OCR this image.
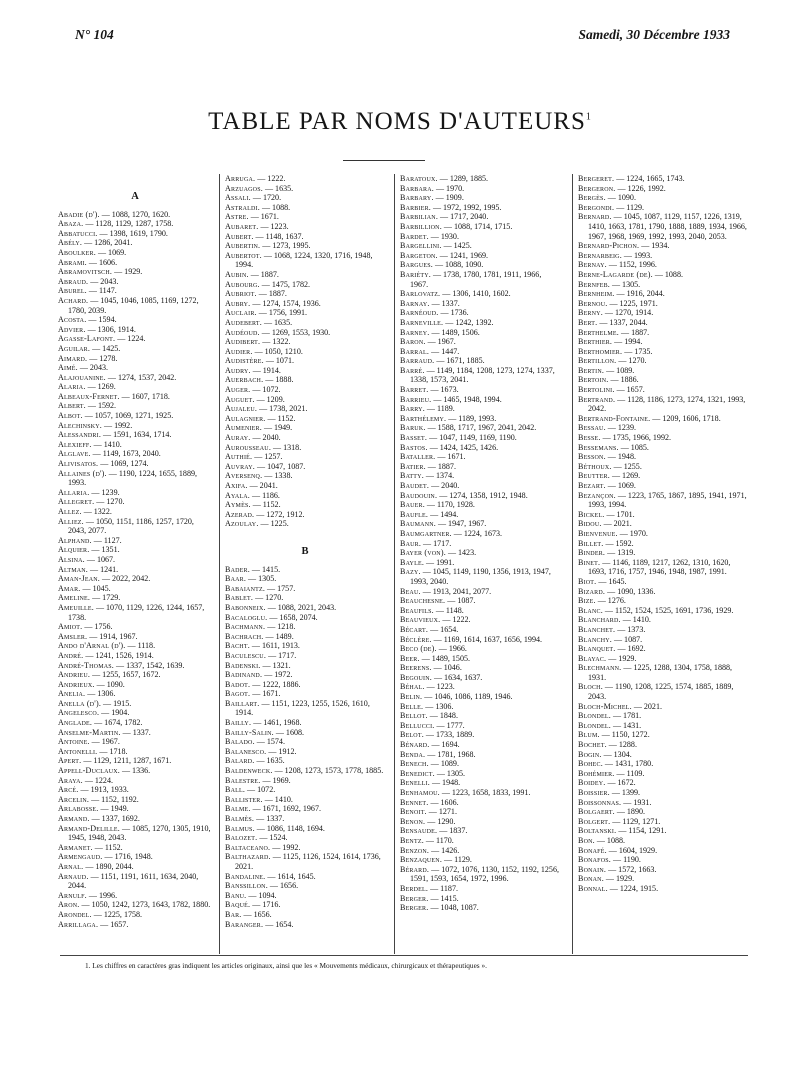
N° 104	Samedi, 30 Décembre 1933
TABLE PAR NOMS D'AUTEURS$^1$
A
Abadie (d'). — 1088, 1270, 1620.
Abaza. — 1128, 1129, 1287, 1758.
Abbatucci. — 1398, 1619, 1790.
Abély. — 1286, 2041.
Aboulker. — 1069.
Abrami. — 1606.
Abramovitsch. — 1929.
Abraud. — 2043.
Aburel. — 1147.
Achard. — 1045, 1046, 1085, 1169, 1272, 1780, 2039.
Acosta. — 1594.
Advier. — 1306, 1914.
Agasse-Lafont. — 1224.
Aguilar. — 1425.
Aimard. — 1278.
Aimé. — 2043.
Alajouanine. — 1274, 1537, 2042.
Alaria. — 1269.
Albeaux-Fernet. — 1607, 1718.
Albert. — 1592.
Albot. — 1057, 1069, 1271, 1925.
Alechinsky. — 1992.
Alessandri. — 1591, 1634, 1714.
Alexieff. — 1410.
Alglave. — 1149, 1673, 2040.
Alivisatos. — 1069, 1274.
Allaines (d'). — 1190, 1224, 1655, 1889, 1993.
Allaria. — 1239.
Allegret. — 1270.
Allez. — 1322.
Alliez. — 1050, 1151, 1186, 1257, 1720, 2043, 2077.
Alphand. — 1127.
Alquier. — 1351.
Alsina. — 1067.
Altman. — 1241.
Aman-Jean. — 2022, 2042.
Amar. — 1045.
Ameline. — 1729.
Ameuille. — 1070, 1129, 1226, 1244, 1657, 1738.
Amiot. — 1756.
Amsler. — 1914, 1967.
Ando d'Arnal (d'). — 1118.
André. — 1241, 1526, 1914.
André-Thomas. — 1337, 1542, 1639.
Andrieu. — 1255, 1657, 1672.
Andrieux. — 1090.
Anelia. — 1306.
Anella (d'). — 1915.
Angelesco. — 1904.
Anglade. — 1674, 1782.
Anselme-Martin. — 1337.
Antoine. — 1967.
Antonelli. — 1718.
Apert. — 1129, 1211, 1287, 1671.
Appell-Duclaux. — 1336.
Araya. — 1224.
Arcé. — 1913, 1933.
Arcelin. — 1152, 1192.
Arlabosse. — 1949.
Armand. — 1337, 1692.
Armand-Delille. — 1085, 1270, 1305, 1910, 1945, 1948, 2043.
Armanet. — 1152.
Armengaud. — 1716, 1948.
Arnal. — 1890, 2044.
Arnaud. — 1151, 1191, 1611, 1634, 2040, 2044.
Arnulf. — 1996.
Aron. — 1050, 1242, 1273, 1643, 1782, 1880.
Arondel. — 1225, 1758.
Arrillaga. — 1657.
Arruga. — 1222.
Arzuagos. — 1635.
Assali. — 1720.
Astraldi. — 1088.
Astre. — 1671.
Aubaret. — 1223.
Aubert. — 1148, 1637.
Aubertin. — 1273, 1995.
Aubertot. — 1068, 1224, 1320, 1716, 1948, 1994.
Aubin. — 1887.
Aubourg. — 1475, 1782.
Aubriot. — 1887.
Aubry. — 1274, 1574, 1936.
Auclair. — 1756, 1991.
Audebert. — 1635.
Audéoud. — 1269, 1553, 1930.
Audibert. — 1322.
Audier. — 1050, 1210.
Audistère. — 1071.
Audry. — 1914.
Auerbach. — 1888.
Auger. — 1072.
Auguet. — 1209.
Aujaleu. — 1738, 2021.
Aulagnier. — 1152.
Aumenier. — 1949.
Auray. — 2040.
Aurousseau. — 1318.
Authié. — 1257.
Auvray. — 1047, 1087.
Aversenq. — 1338.
Axifa. — 2041.
Ayala. — 1186.
Aymès. — 1152.
Azerad. — 1272, 1912.
Azoulay. — 1225.
B
Bader. — 1415.
Baar. — 1305.
Babaiantz. — 1757.
Bablet. — 1270.
Babonneix. — 1088, 2021, 2043.
Bacaloglu. — 1658, 2074.
Bachmann. — 1218.
Bachrach. — 1489.
Bacht. — 1611, 1913.
Baculescu. — 1717.
Badenski. — 1321.
Badinand. — 1972.
Badot. — 1222, 1886.
Bagot. — 1671.
Baillart. — 1151, 1223, 1255, 1526, 1610, 1914.
Bailly. — 1461, 1968.
Bailly-Salin. — 1608.
Balado. — 1574.
Balanesco. — 1912.
Balard. — 1635.
Baldenweck. — 1208, 1273, 1573, 1778, 1885.
Balestre. — 1969.
Ball. — 1072.
Ballister. — 1410.
Balme. — 1671, 1692, 1967.
Balmès. — 1337.
Balmus. — 1086, 1148, 1694.
Balozet. — 1524.
Baltaceano. — 1992.
Balthazard. — 1125, 1126, 1524, 1614, 1736, 2021.
Bandaline. — 1614, 1645.
Banssillon. — 1656.
Banu. — 1094.
Baqué. — 1716.
Bar. — 1656.
Baranger. — 1654.
Baratoux. — 1289, 1885.
Barbara. — 1970.
Barbary. — 1909.
Barbier. — 1972, 1992, 1995.
Barbilian. — 1717, 2040.
Barbillion. — 1088, 1714, 1715.
Bardet. — 1930.
Bargellini. — 1425.
Bargeton. — 1241, 1969.
Bargues. — 1088, 1090.
Bariéty. — 1738, 1780, 1781, 1911, 1966, 1967.
Barlovatz. — 1306, 1410, 1602.
Barnay. — 1337.
Barnéoud. — 1736.
Barneville. — 1242, 1392.
Barney. — 1489, 1506.
Baron. — 1967.
Barral. — 1447.
Barraud. — 1671, 1885.
Barré. — 1149, 1184, 1208, 1273, 1274, 1337, 1338, 1573, 2041.
Barret. — 1673.
Barrieu. — 1465, 1948, 1994.
Barry. — 1189.
Barthélemy. — 1189, 1993.
Baruk. — 1588, 1717, 1967, 2041, 2042.
Basset. — 1047, 1149, 1169, 1190.
Bastos. — 1424, 1425, 1426.
Bataller. — 1671.
Batier. — 1887.
Batty. — 1374.
Baudet. — 2040.
Baudouin. — 1274, 1358, 1912, 1948.
Bauer. — 1170, 1928.
Baufle. — 1494.
Baumann. — 1947, 1967.
Baumgartner. — 1224, 1673.
Baur. — 1717.
Bayer (von). — 1423.
Bayle. — 1991.
Bazy. — 1045, 1149, 1190, 1356, 1913, 1947, 1993, 2040.
Beau. — 1913, 2041, 2077.
Beauchesne. — 1087.
Beaufils. — 1148.
Beauvieux. — 1222.
Bécart. — 1654.
Béclère. — 1169, 1614, 1637, 1656, 1994.
Beco (de). — 1966.
Beer. — 1489, 1505.
Beerens. — 1046.
Begouin. — 1634, 1637.
Béhal. — 1223.
Belin. — 1046, 1086, 1189, 1946.
Belle. — 1306.
Bellot. — 1848.
Bellucci. — 1777.
Belot. — 1733, 1889.
Bénard. — 1694.
Benda. — 1781, 1968.
Benech. — 1089.
Benedict. — 1305.
Benelli. — 1948.
Benhamou. — 1223, 1658, 1833, 1991.
Bennet. — 1606.
Benoit. — 1271.
Benon. — 1290.
Bensaude. — 1837.
Bentz. — 1170.
Benzon. — 1426.
Benzaquen. — 1129.
Bérard. — 1072, 1076, 1130, 1152, 1192, 1256, 1591, 1593, 1654, 1972, 1996.
Berdel. — 1187.
Berger. — 1415.
Berger. — 1048, 1087.
Bergeret. — 1224, 1665, 1743.
Bergeron. — 1226, 1992.
Bergès. — 1090.
Bergondi. — 1129.
Bernard. — 1045, 1087, 1129, 1157, 1226, 1319, 1410, 1663, 1781, 1790, 1888, 1889, 1934, 1966, 1967, 1968, 1969, 1992, 1993, 2040, 2053.
Bernard-Pichon. — 1934.
Bernarbeig. — 1993.
Bernay. — 1152, 1996.
Berne-Lagarde (de). — 1088.
Bernfeb. — 1305.
Bernheim. — 1916, 2044.
Bernou. — 1225, 1971.
Berny. — 1270, 1914.
Bert. — 1337, 2044.
Berthelme. — 1887.
Berthier. — 1994.
Berthomier. — 1735.
Bertillon. — 1270.
Bertin. — 1089.
Bertoin. — 1886.
Bertolini. — 1657.
Bertrand. — 1128, 1186, 1273, 1274, 1321, 1993, 2042.
Bertrand-Fontaine. — 1209, 1606, 1718.
Bessau. — 1239.
Besse. — 1735, 1966, 1992.
Bessemans. — 1085.
Besson. — 1948.
Béthoux. — 1255.
Beutter. — 1269.
Bezart. — 1069.
Bezançon. — 1223, 1765, 1867, 1895, 1941, 1971, 1993, 1994.
Bickel. — 1701.
Bidou. — 2021.
Bienvenue. — 1970.
Billet. — 1592.
Binder. — 1319.
Binet. — 1146, 1189, 1217, 1262, 1310, 1620, 1693, 1716, 1757, 1946, 1948, 1987, 1991.
Biot. — 1645.
Bizard. — 1090, 1336.
Bize. — 1276.
Blanc. — 1152, 1524, 1525, 1691, 1736, 1929.
Blanchard. — 1410.
Blanchet. — 1373.
Blanchy. — 1087.
Blanquet. — 1692.
Blayac. — 1929.
Blechmann. — 1225, 1288, 1304, 1758, 1888, 1931.
Bloch. — 1190, 1208, 1225, 1574, 1885, 1889, 2043.
Bloch-Michel. — 2021.
Blondel. — 1781.
Blondel. — 1431.
Blum. — 1150, 1272.
Bochet. — 1288.
Bogin. — 1304.
Bohec. — 1431, 1780.
Bohémier. — 1109.
Boidey. — 1672.
Boissier. — 1399.
Boissonnas. — 1931.
Bolgaert. — 1890.
Bolgert. — 1129, 1271.
Boltanski. — 1154, 1291.
Bon. — 1088.
Bonafé. — 1604, 1929.
Bonafos. — 1190.
Bonain. — 1572, 1663.
Bonan. — 1929.
Bonnal. — 1224, 1915.
1. Les chiffres en caractères gras indiquent les articles originaux, ainsi que les « Mouvements médicaux, chirurgicaux et thérapeutiques ».
